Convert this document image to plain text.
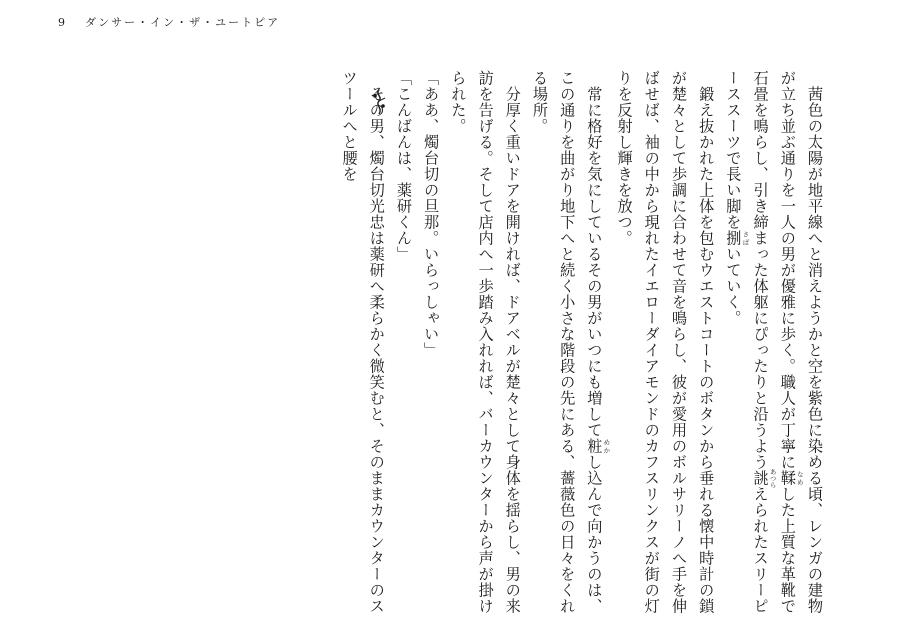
9 ダンサー・イン・ザ・ユートピア

　茜色の太陽が地平線へと消えようかと空を紫色に染める頃、レンガの建物が立ち並ぶ通りを一人の男が優雅に歩く。職人が丁寧に鞣 なめした上質な革靴で石畳を鳴らし、引き締まった体躯にぴったりと沿うよう誂 あつらえられたスリーピーススーツで長い脚を捌 さばいていく。

　鍛え抜かれた上体を包むウエストコートのボタンから垂れる懐中時計の鎖が楚々として歩調に合わせて音を鳴らし、彼が愛用のボルサリーノへ手を伸ばせば、袖の中から現れたイエローダイアモンドのカフスリンクスが街の灯りを反射し輝きを放つ。

　常に格好を気にしているその男がいつにも増して粧 めかし込んで向かうのは、この通りを曲がり地下へと続く小さな階段の先にある、薔薇色の日々をくれる場所。

　分厚く重いドアを開ければ、ドアベルが楚々として身体を揺らし、男の来訪を告げる。そして店内へ一歩踏み入れれば、バーカウンターから声が掛けられた。

「ああ、燭台切の旦那。いらっしゃい」

「こんばんは、薬研くん」

　その男、燭台切光忠は薬研へ柔らかく微笑むと、そのままカウンターのスツールへと腰を
